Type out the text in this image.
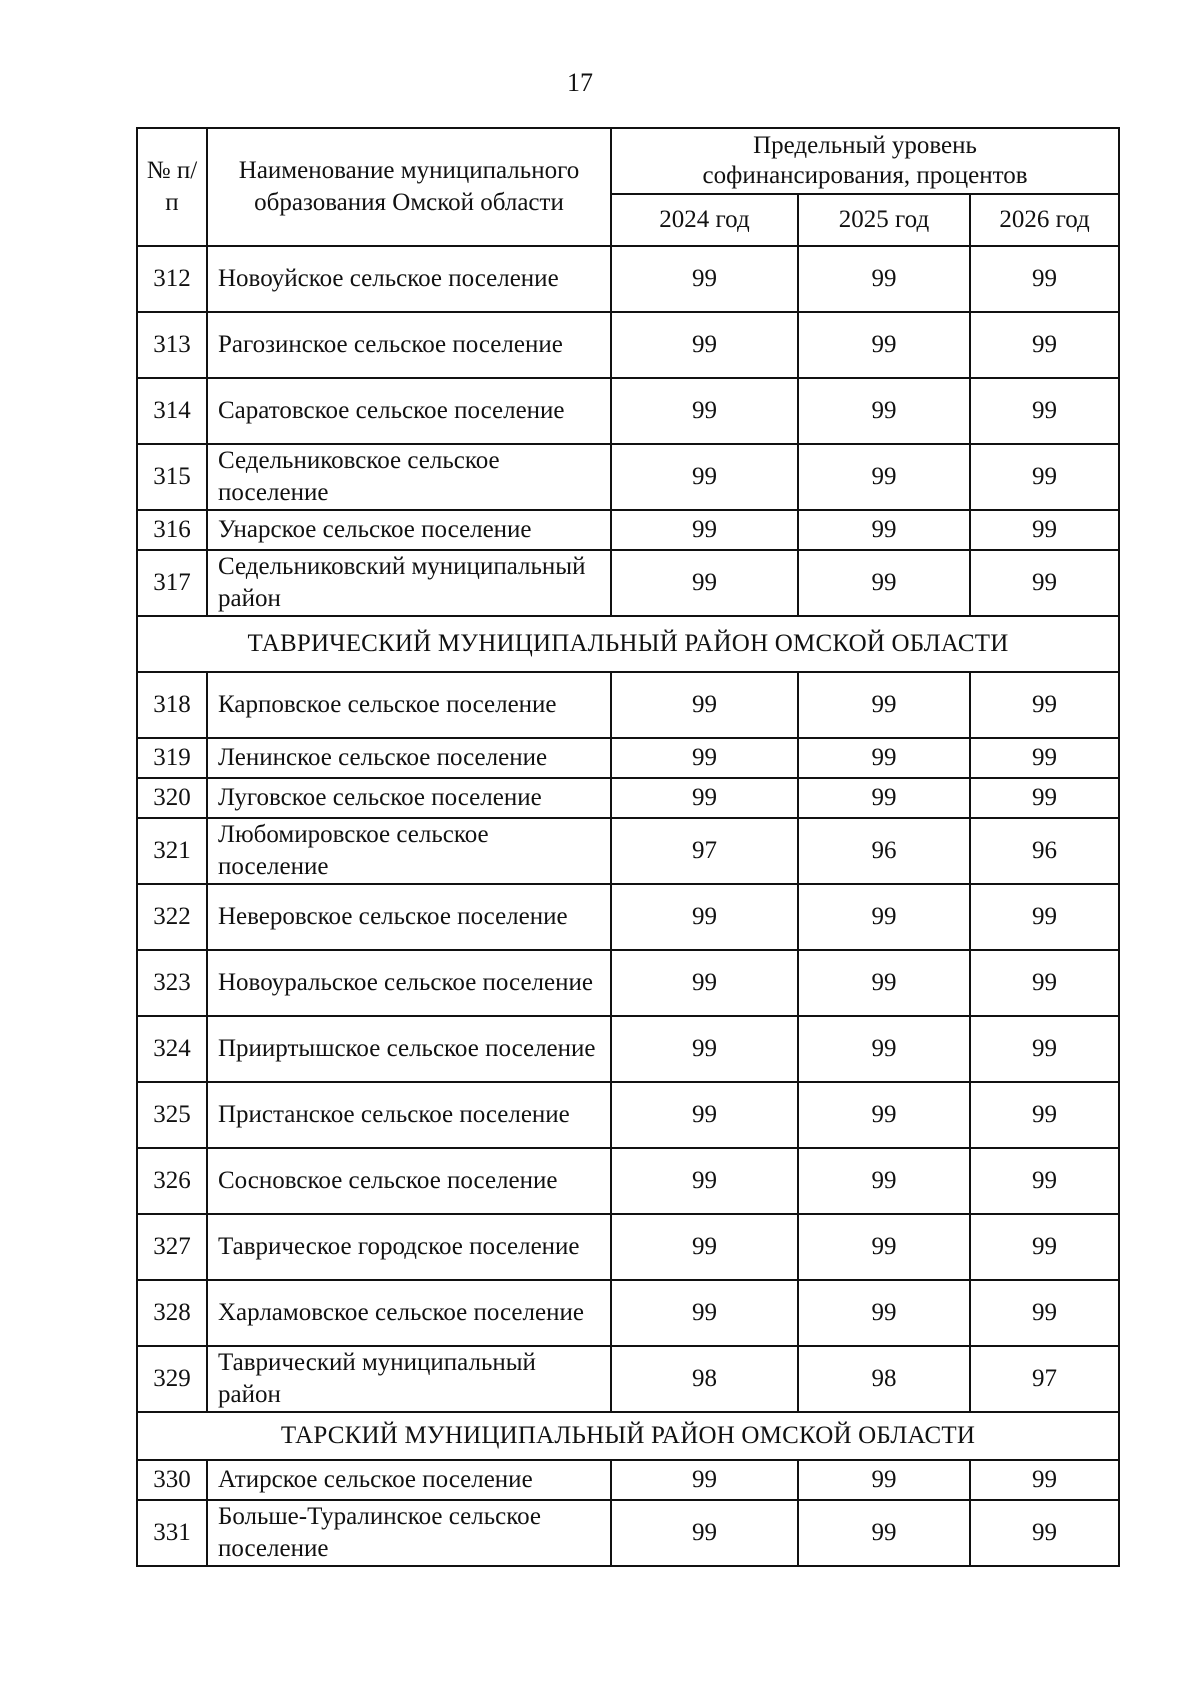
17
№ п/п	Наименование муниципального образования Омской области	Предельный уровень софинансирования, процентов		
		2024 год	2025 год	2026 год
312	Новоуйское сельское поселение	99	99	99
313	Рагозинское сельское поселение	99	99	99
314	Саратовское сельское поселение	99	99	99
315	Седельниковское сельское поселение	99	99	99
316	Унарское сельское поселение	99	99	99
317	Седельниковский муниципальный район	99	99	99
ТАВРИЧЕСКИЙ МУНИЦИПАЛЬНЫЙ РАЙОН ОМСКОЙ ОБЛАСТИ				
318	Карповское сельское поселение	99	99	99
319	Ленинское сельское поселение	99	99	99
320	Луговское сельское поселение	99	99	99
321	Любомировское сельское поселение	97	96	96
322	Неверовское сельское поселение	99	99	99
323	Новоуральское сельское поселение	99	99	99
324	Прииртышское сельское поселение	99	99	99
325	Пристанское сельское поселение	99	99	99
326	Сосновское сельское поселение	99	99	99
327	Таврическое городское поселение	99	99	99
328	Харламовское сельское поселение	99	99	99
329	Таврический муниципальный район	98	98	97
ТАРСКИЙ МУНИЦИПАЛЬНЫЙ РАЙОН ОМСКОЙ ОБЛАСТИ				
330	Атирское сельское поселение	99	99	99
331	Больше-Туралинское сельское поселение	99	99	99
